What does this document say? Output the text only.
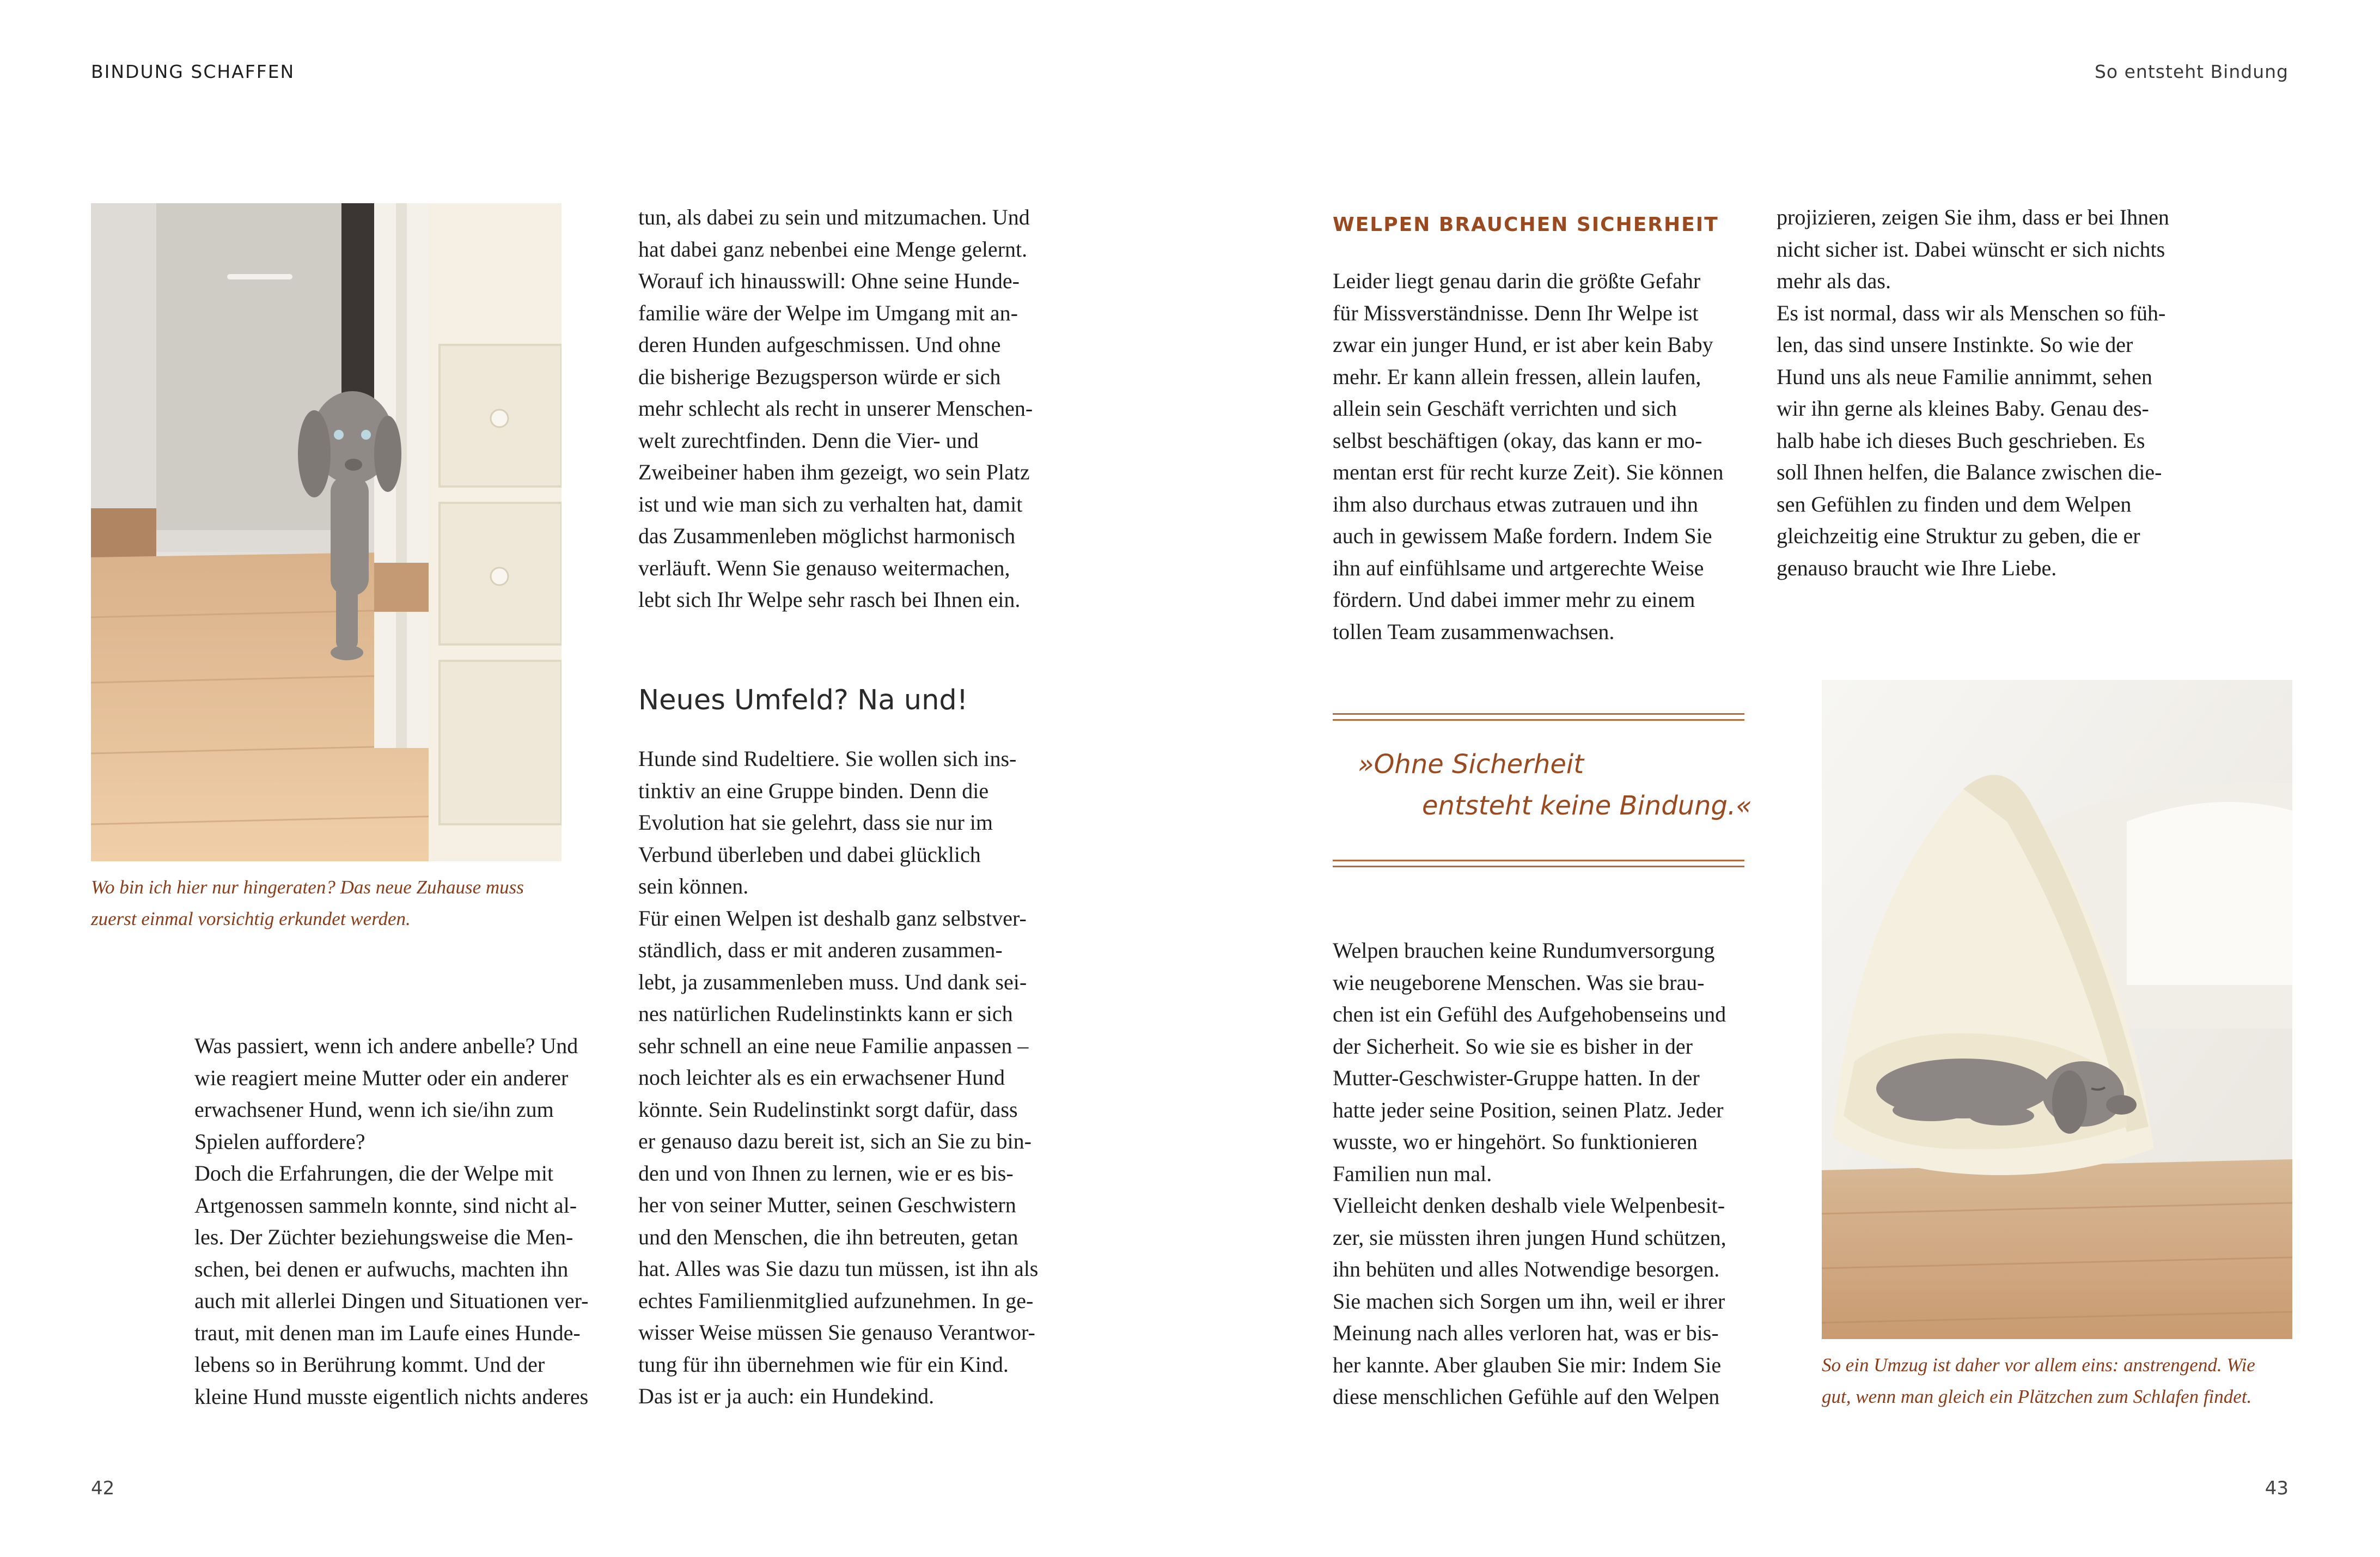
BINDUNG SCHAFFEN	So entsteht Bindung

Wo bin ich hier nur hingeraten? Das neue Zuhause muss

zuerst einmal vorsichtig erkundet werden.

Was passiert, wenn ich andere anbelle? Und

wie reagiert meine Mutter oder ein anderer

erwachsener Hund, wenn ich sie/ihn zum

Spielen auffordere?

Doch die Erfahrungen, die der Welpe mit

Artgenossen sammeln konnte, sind nicht al-

les. Der Züchter beziehungsweise die Men-

schen, bei denen er aufwuchs, machten ihn

auch mit allerlei Dingen und Situationen ver-

traut, mit denen man im Laufe eines Hunde-

lebens so in Berührung kommt. Und der

kleine Hund musste eigentlich nichts anderes

tun, als dabei zu sein und mitzumachen. Und

hat dabei ganz nebenbei eine Menge gelernt.

Worauf ich hinausswill: Ohne seine Hunde-

familie wäre der Welpe im Umgang mit an-

deren Hunden aufgeschmissen. Und ohne

die bisherige Bezugsperson würde er sich

mehr schlecht als recht in unserer Menschen-

welt zurechtfinden. Denn die Vier- und

Zweibeiner haben ihm gezeigt, wo sein Platz

ist und wie man sich zu verhalten hat, damit

das Zusammenleben möglichst harmonisch

verläuft. Wenn Sie genauso weitermachen,

lebt sich Ihr Welpe sehr rasch bei Ihnen ein.

Neues Umfeld? Na und!

Hunde sind Rudeltiere. Sie wollen sich ins-

tinktiv an eine Gruppe binden. Denn die

Evolution hat sie gelehrt, dass sie nur im

Verbund überleben und dabei glücklich

sein können.

Für einen Welpen ist deshalb ganz selbstver-

ständlich, dass er mit anderen zusammen-

lebt, ja zusammenleben muss. Und dank sei-

nes natürlichen Rudelinstinkts kann er sich

sehr schnell an eine neue Familie anpassen –

noch leichter als es ein erwachsener Hund

könnte. Sein Rudelinstinkt sorgt dafür, dass

er genauso dazu bereit ist, sich an Sie zu bin-

den und von Ihnen zu lernen, wie er es bis-

her von seiner Mutter, seinen Geschwistern

und den Menschen, die ihn betreuten, getan

hat. Alles was Sie dazu tun müssen, ist ihn als

echtes Familienmitglied aufzunehmen. In ge-

wisser Weise müssen Sie genauso Verantwor-

tung für ihn übernehmen wie für ein Kind.

Das ist er ja auch: ein Hundekind.

WELPEN BRAUCHEN SICHERHEIT

Leider liegt genau darin die größte Gefahr

für Missverständnisse. Denn Ihr Welpe ist

zwar ein junger Hund, er ist aber kein Baby

mehr. Er kann allein fressen, allein laufen,

allein sein Geschäft verrichten und sich

selbst beschäftigen (okay, das kann er mo-

mentan erst für recht kurze Zeit). Sie können

ihm also durchaus etwas zutrauen und ihn

auch in gewissem Maße fordern. Indem Sie

ihn auf einfühlsame und artgerechte Weise

fördern. Und dabei immer mehr zu einem

tollen Team zusammenwachsen.

»Ohne Sicherheit
entsteht keine Bindung.«

Welpen brauchen keine Rundumversorgung

wie neugeborene Menschen. Was sie brau-

chen ist ein Gefühl des Aufgehobenseins und

der Sicherheit. So wie sie es bisher in der

Mutter-Geschwister-Gruppe hatten. In der

hatte jeder seine Position, seinen Platz. Jeder

wusste, wo er hingehört. So funktionieren

Familien nun mal.

Vielleicht denken deshalb viele Welpenbesit-

zer, sie müssten ihren jungen Hund schützen,

ihn behüten und alles Notwendige besorgen.

Sie machen sich Sorgen um ihn, weil er ihrer

Meinung nach alles verloren hat, was er bis-

her kannte. Aber glauben Sie mir: Indem Sie

diese menschlichen Gefühle auf den Welpen

projizieren, zeigen Sie ihm, dass er bei Ihnen

nicht sicher ist. Dabei wünscht er sich nichts

mehr als das.

Es ist normal, dass wir als Menschen so füh-

len, das sind unsere Instinkte. So wie der

Hund uns als neue Familie annimmt, sehen

wir ihn gerne als kleines Baby. Genau des-

halb habe ich dieses Buch geschrieben. Es

soll Ihnen helfen, die Balance zwischen die-

sen Gefühlen zu finden und dem Welpen

gleichzeitig eine Struktur zu geben, die er

genauso braucht wie Ihre Liebe.

So ein Umzug ist daher vor allem eins: anstrengend. Wie

gut, wenn man gleich ein Plätzchen zum Schlafen findet.

42	43
